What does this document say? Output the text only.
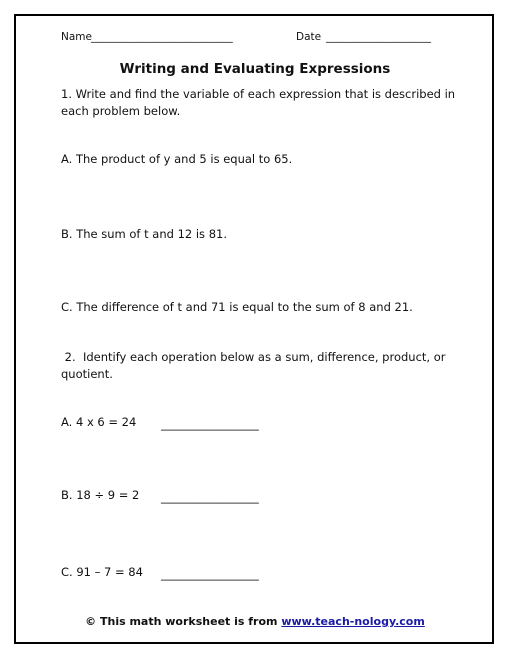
Name ___________________________	Date ____________________
Writing and Evaluating Expressions
1. Write and find the variable of each expression that is described in each problem below.
A. The product of y and 5 is equal to 65.
B. The sum of t and 12 is 81.
C. The difference of t and 71 is equal to the sum of 8 and 21.
2.  Identify each operation below as a sum, difference, product, or quotient.
A. 4 x 6 = 24 _________________
B. 18 ÷ 9 = 2 _________________
C. 91 – 7 = 84 _________________
© This math worksheet is from www.teach-nology.com
